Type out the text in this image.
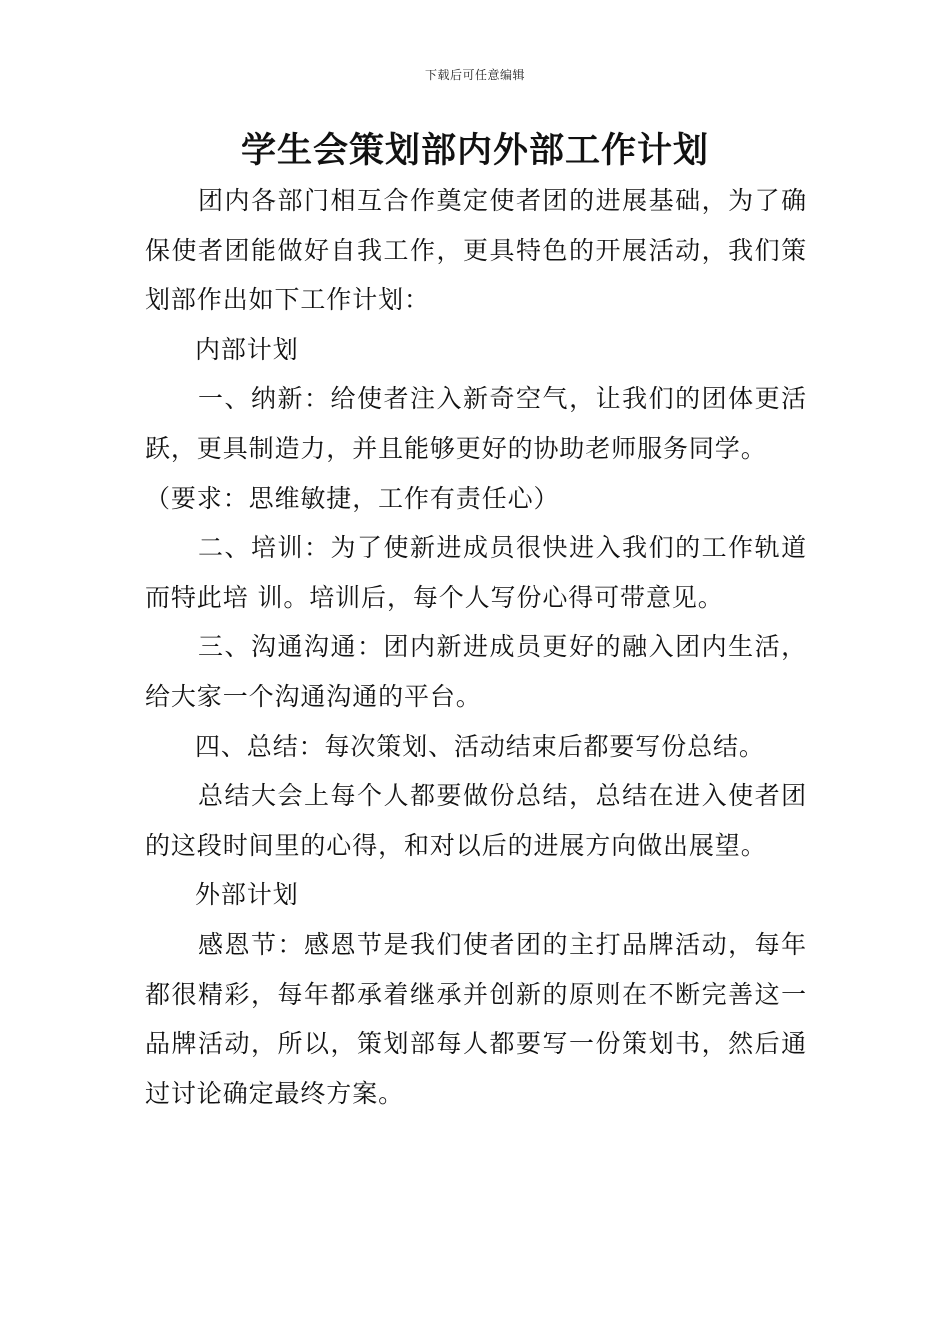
下载后可任意编辑
学生会策划部内外部工作计划

团内各部门相互合作奠定使者团的进展基础，为了确保使者团能做好自我工作，更具特色的开展活动，我们策划部作出如下工作计划：

内部计划

一、纳新：给使者注入新奇空气，让我们的团体更活跃，更具制造力，并且能够更好的协助老师服务同学。

（要求：思维敏捷，工作有责任心）

二、培训：为了使新进成员很快进入我们的工作轨道而特此培 训。培训后，每个人写份心得可带意见。

三、沟通沟通：团内新进成员更好的融入团内生活，给大家一个沟通沟通的平台。

四、总结：每次策划、活动结束后都要写份总结。

总结大会上每个人都要做份总结，总结在进入使者团的这段时间里的心得，和对以后的进展方向做出展望。

外部计划

感恩节：感恩节是我们使者团的主打品牌活动，每年都很精彩，每年都承着继承并创新的原则在不断完善这一品牌活动，所以，策划部每人都要写一份策划书，然后通过讨论确定最终方案。
